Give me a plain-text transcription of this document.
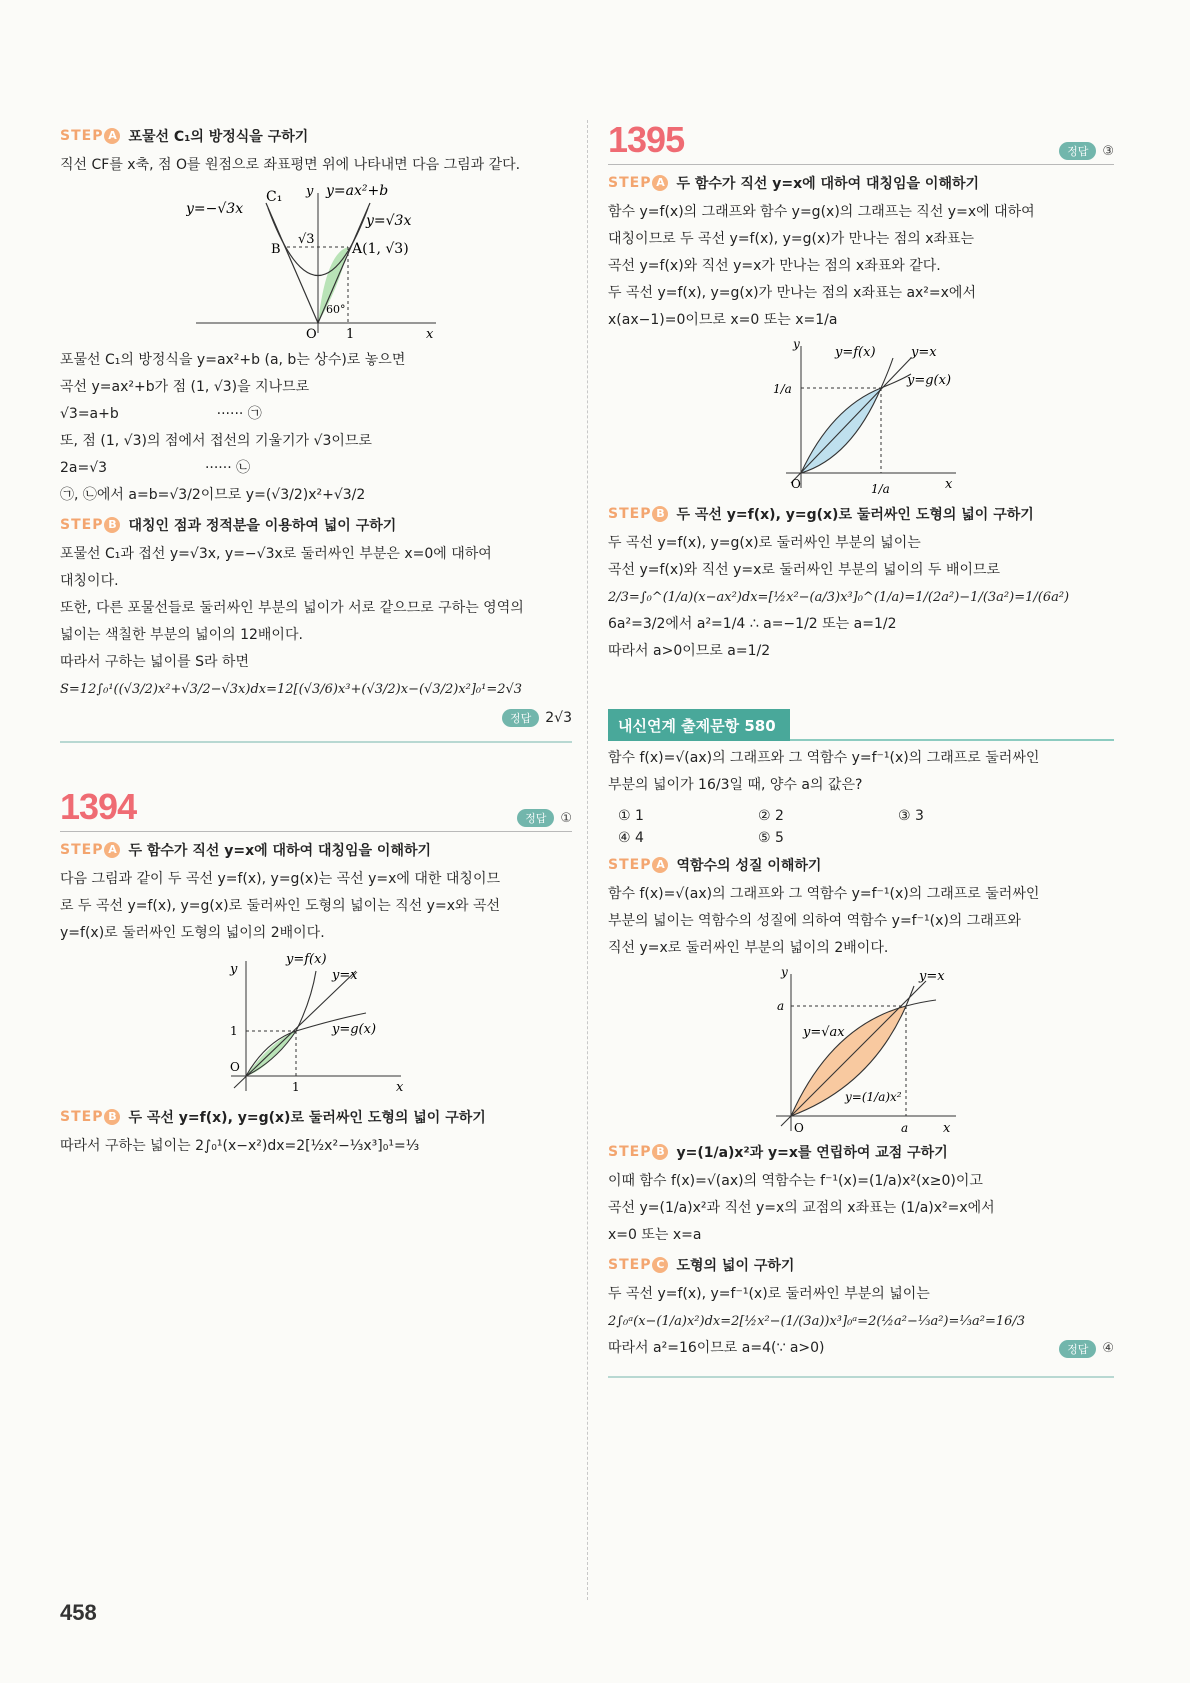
STEP A 포물선 C₁의 방정식을 구하기

직선 CF를 x축, 점 O를 원점으로 좌표평면 위에 나타내면 다음 그림과 같다.

y=−√3x
C₁ y y=ax²+b
y=√3x
√3
B	A(1, √3)
60°
O 1	x

포물선 C₁의 방정식을 y=ax²+b (a, b는 상수)로 놓으면

곡선 y=ax²+b가 점 (1, √3)을 지나므로

√3=a+b                      ······ ㉠

또, 점 (1, √3)의 점에서 접선의 기울기가 √3이므로

2a=√3                      ······ ㉡

㉠, ㉡에서 a=b=√3/2이므로 y=(√3/2)x²+√3/2

STEP B 대칭인 점과 정적분을 이용하여 넓이 구하기

포물선 C₁과 접선 y=√3x, y=−√3x로 둘러싸인 부분은 x=0에 대하여

대칭이다.

또한, 다른 포물선들로 둘러싸인 부분의 넓이가 서로 같으므로 구하는 영역의

넓이는 색칠한 부분의 넓이의 12배이다.

따라서 구하는 넓이를 S라 하면

S=12∫₀¹((√3/2)x²+√3/2−√3x)dx=12[(√3/6)x³+(√3/2)x−(√3/2)x²]₀¹=2√3

정답	2√3
1394	정답	①
STEP A 두 함수가 직선 y=x에 대하여 대칭임을 이해하기

다음 그림과 같이 두 곡선 y=f(x), y=g(x)는 곡선 y=x에 대한 대칭이므

로 두 곡선 y=f(x), y=g(x)로 둘러싸인 도형의 넓이는 직선 y=x와 곡선

y=f(x)로 둘러싸인 도형의 넓이의 2배이다.

y
x
O
1
1
y=f(x)
y=x
y=g(x)
STEP B 두 곡선 y=f(x), y=g(x)로 둘러싸인 도형의 넓이 구하기

따라서 구하는 넓이는 2∫₀¹(x−x²)dx=2[½x²−⅓x³]₀¹=⅓

1395	정답	③
STEP A 두 함수가 직선 y=x에 대하여 대칭임을 이해하기

함수 y=f(x)의 그래프와 함수 y=g(x)의 그래프는 직선 y=x에 대하여

대칭이므로 두 곡선 y=f(x), y=g(x)가 만나는 점의 x좌표는

곡선 y=f(x)와 직선 y=x가 만나는 점의 x좌표와 같다.

두 곡선 y=f(x), y=g(x)가 만나는 점의 x좌표는 ax²=x에서

x(ax−1)=0이므로 x=0 또는 x=1/a

y
x
O
1/a
1/a
y=f(x)	y=x
y=g(x)
STEP B 두 곡선 y=f(x), y=g(x)로 둘러싸인 도형의 넓이 구하기

두 곡선 y=f(x), y=g(x)로 둘러싸인 부분의 넓이는

곡선 y=f(x)와 직선 y=x로 둘러싸인 부분의 넓이의 두 배이므로

2/3=∫₀^(1/a)(x−ax²)dx=[½x²−(a/3)x³]₀^(1/a)=1/(2a²)−1/(3a²)=1/(6a²)

6a²=3/2에서 a²=1/4 ∴ a=−1/2 또는 a=1/2

따라서 a>0이므로 a=1/2

내신연계 출제문항 580

함수 f(x)=√(ax)의 그래프와 그 역함수 y=f⁻¹(x)의 그래프로 둘러싸인

부분의 넓이가 16/3일 때, 양수 a의 값은?

① 1	② 2	③ 3
④ 4	⑤ 5
STEP A 역함수의 성질 이해하기

함수 f(x)=√(ax)의 그래프와 그 역함수 y=f⁻¹(x)의 그래프로 둘러싸인

부분의 넓이는 역함수의 성질에 의하여 역함수 y=f⁻¹(x)의 그래프와

직선 y=x로 둘러싸인 부분의 넓이의 2배이다.

y
x
O
a
a
y=x
y=√ax
y=(1/a)x²
STEP B y=(1/a)x²과 y=x를 연립하여 교점 구하기

이때 함수 f(x)=√(ax)의 역함수는 f⁻¹(x)=(1/a)x²(x≥0)이고

곡선 y=(1/a)x²과 직선 y=x의 교점의 x좌표는 (1/a)x²=x에서

x=0 또는 x=a

STEP C 도형의 넓이 구하기

두 곡선 y=f(x), y=f⁻¹(x)로 둘러싸인 부분의 넓이는

2∫₀ᵃ(x−(1/a)x²)dx=2[½x²−(1/(3a))x³]₀ᵃ=2(½a²−⅓a²)=⅓a²=16/3

따라서 a²=16이므로 a=4(∵ a>0)	정답	④
458
